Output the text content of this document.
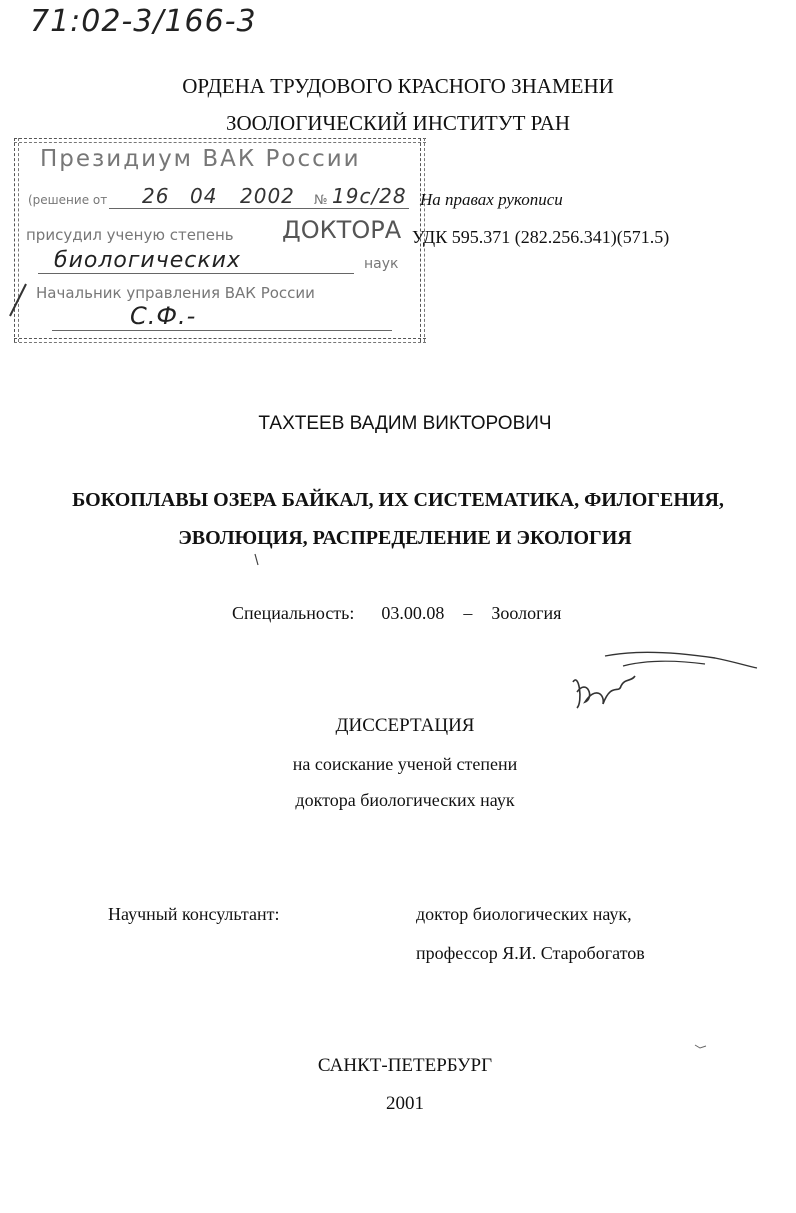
71:02-3/166-3
ОРДЕНА ТРУДОВОГО КРАСНОГО ЗНАМЕНИ
ЗООЛОГИЧЕСКИЙ ИНСТИТУТ РАН
Президиум ВАК России
(решение от 26 04 2002 № 19с/28
присудил ученую степень ДОКТОРА
биологических	наук
Начальник управления ВАК России
С.Ф.-
На правах рукописи
УДК 595.371 (282.256.341)(571.5)
ТАХТЕЕВ ВАДИМ ВИКТОРОВИЧ
БОКОПЛАВЫ ОЗЕРА БАЙКАЛ, ИХ СИСТЕМАТИКА, ФИЛОГЕНИЯ,
ЭВОЛЮЦИЯ, РАСПРЕДЕЛЕНИЕ И ЭКОЛОГИЯ
Специальность: 03.00.08 – Зоология
ДИССЕРТАЦИЯ
на соискание ученой степени
доктора биологических наук
Научный консультант:	доктор биологических наук,
профессор Я.И. Старобогатов
САНКТ-ПЕТЕРБУРГ
2001
